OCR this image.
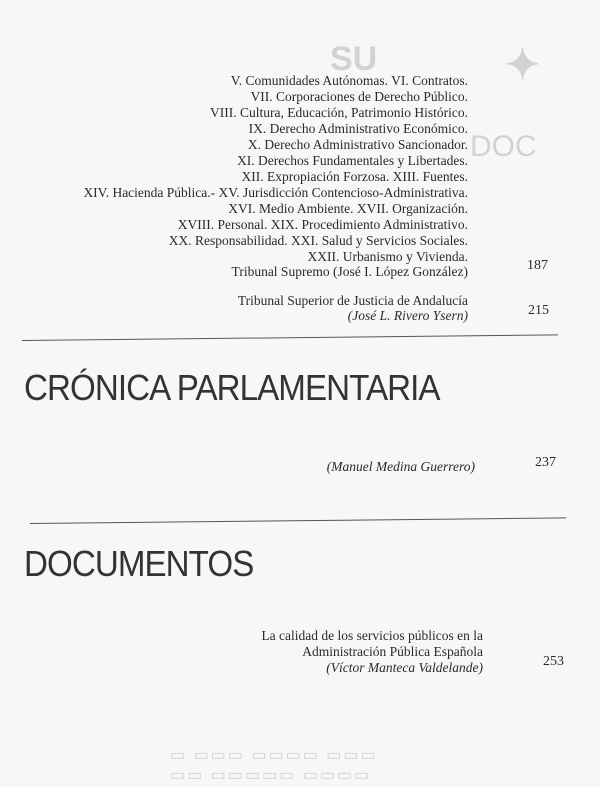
SU	✦
DOC
V. Comunidades Autónomas. VI. Contratos.
VII. Corporaciones de Derecho Público.
VIII. Cultura, Educación, Patrimonio Histórico.
IX. Derecho Administrativo Económico.
X. Derecho Administrativo Sancionador.
XI. Derechos Fundamentales y Libertades.
XII. Expropiación Forzosa. XIII. Fuentes.
XIV. Hacienda Pública.- XV. Jurisdicción Contencioso-Administrativa.
XVI. Medio Ambiente. XVII. Organización.
XVIII. Personal. XIX. Procedimiento Administrativo.
XX. Responsabilidad. XXI. Salud y Servicios Sociales.
XXII. Urbanismo y Vivienda.
Tribunal Supremo (José I. López González)	187
Tribunal Superior de Justicia de Andalucía
(José L. Rivero Ysern)	215
CRÓNICA PARLAMENTARIA
(Manuel Medina Guerrero)	237
DOCUMENTOS
La calidad de los servicios públicos en la
Administración Pública Española
(Víctor Manteca Valdelande)	253
▭ ▭▭▭ ▭▭▭▭ ▭▭▭
▭▭ ▭▭▭▭▭ ▭▭▭▭
